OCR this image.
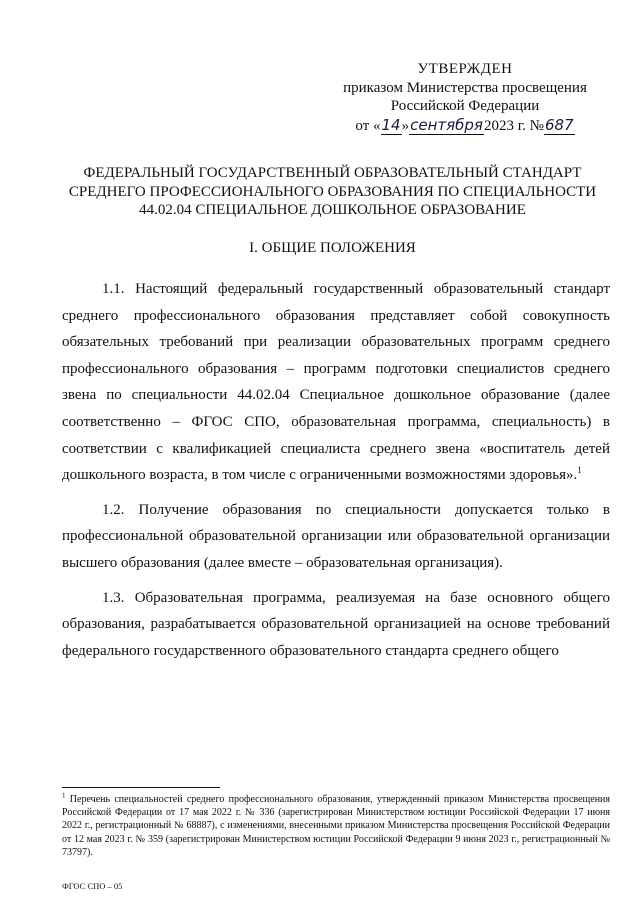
УТВЕРЖДЕН
приказом Министерства просвещения
Российской Федерации
от «14»сентября2023 г. №687
ФЕДЕРАЛЬНЫЙ ГОСУДАРСТВЕННЫЙ ОБРАЗОВАТЕЛЬНЫЙ СТАНДАРТ
СРЕДНЕГО ПРОФЕССИОНАЛЬНОГО ОБРАЗОВАНИЯ ПО СПЕЦИАЛЬНОСТИ
44.02.04 СПЕЦИАЛЬНОЕ ДОШКОЛЬНОЕ ОБРАЗОВАНИЕ
I. ОБЩИЕ ПОЛОЖЕНИЯ

1.1. Настоящий федеральный государственный образовательный стандарт среднего профессионального образования представляет собой совокупность обязательных требований при реализации образовательных программ среднего профессионального образования – программ подготовки специалистов среднего звена по специальности 44.02.04 Специальное дошкольное образование (далее соответственно – ФГОС СПО, образовательная программа, специальность) в соответствии с квалификацией специалиста среднего звена «воспитатель детей дошкольного возраста, в том числе с ограниченными возможностями здоровья».$^1$

1.2. Получение образования по специальности допускается только в профессиональной образовательной организации или образовательной организации высшего образования (далее вместе – образовательная организация).

1.3. Образовательная программа, реализуемая на базе основного общего образования, разрабатывается образовательной организацией на основе требований федерального государственного образовательного стандарта среднего общего

$^1$ Перечень специальностей среднего профессионального образования, утвержденный приказом Министерства просвещения Российской Федерации от 17 мая 2022 г. № 336 (зарегистрирован Министерством юстиции Российской Федерации 17 июня 2022 г., регистрационный № 68887), с изменениями, внесенными приказом Министерства просвещения Российской Федерации от 12 мая 2023 г. № 359 (зарегистрирован Министерством юстиции Российской Федерации 9 июня 2023 г., регистрационный № 73797).
ФГОС СПО – 05
